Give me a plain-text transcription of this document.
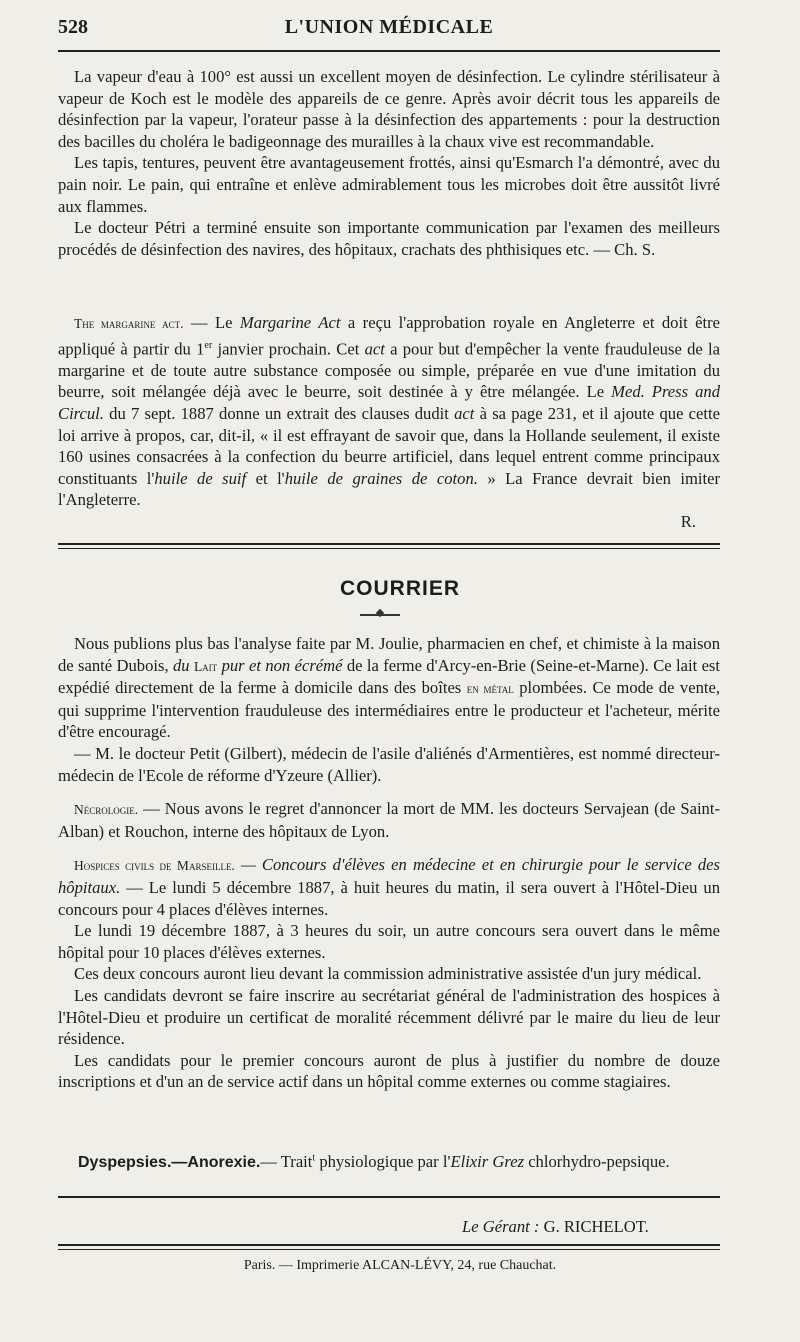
528	L'UNION MÉDICALE

La vapeur d'eau à 100° est aussi un excellent moyen de désinfection. Le cylindre stérilisateur à vapeur de Koch est le modèle des appareils de ce genre. Après avoir décrit tous les appareils de désinfection par la vapeur, l'orateur passe à la désinfection des appartements : pour la destruction des bacilles du choléra le badigeonnage des murailles à la chaux vive est recommandable.

Les tapis, tentures, peuvent être avantageusement frottés, ainsi qu'Esmarch l'a démontré, avec du pain noir. Le pain, qui entraîne et enlève admirablement tous les microbes doit être aussitôt livré aux flammes.

Le docteur Pétri a terminé ensuite son importante communication par l'examen des meilleurs procédés de désinfection des navires, des hôpitaux, crachats des phthisiques etc. — Ch. S.

The margarine act. — Le Margarine Act a reçu l'approbation royale en Angleterre et doit être appliqué à partir du 1er janvier prochain. Cet act a pour but d'empêcher la vente frauduleuse de la margarine et de toute autre substance composée ou simple, préparée en vue d'une imitation du beurre, soit mélangée déjà avec le beurre, soit destinée à y être mélangée. Le Med. Press and Circul. du 7 sept. 1887 donne un extrait des clauses dudit act à sa page 231, et il ajoute que cette loi arrive à propos, car, dit-il, « il est effrayant de savoir que, dans la Hollande seulement, il existe 160 usines consacrées à la confection du beurre artificiel, dans lequel entrent comme principaux constituants l'huile de suif et l'huile de graines de coton. » La France devrait bien imiter l'Angleterre.

R.
COURRIER

Nous publions plus bas l'analyse faite par M. Joulie, pharmacien en chef, et chimiste à la maison de santé Dubois, du Lait pur et non écrémé de la ferme d'Arcy-en-Brie (Seine-et-Marne). Ce lait est expédié directement de la ferme à domicile dans des boîtes en métal plombées. Ce mode de vente, qui supprime l'intervention frauduleuse des intermédiaires entre le producteur et l'acheteur, mérite d'être encouragé.

— M. le docteur Petit (Gilbert), médecin de l'asile d'aliénés d'Armentières, est nommé directeur-médecin de l'Ecole de réforme d'Yzeure (Allier).

Nécrologie. — Nous avons le regret d'annoncer la mort de MM. les docteurs Servajean (de Saint-Alban) et Rouchon, interne des hôpitaux de Lyon.

Hospices civils de Marseille. — Concours d'élèves en médecine et en chirurgie pour le service des hôpitaux. — Le lundi 5 décembre 1887, à huit heures du matin, il sera ouvert à l'Hôtel-Dieu un concours pour 4 places d'élèves internes.

Le lundi 19 décembre 1887, à 3 heures du soir, un autre concours sera ouvert dans le même hôpital pour 10 places d'élèves externes.

Ces deux concours auront lieu devant la commission administrative assistée d'un jury médical.

Les candidats devront se faire inscrire au secrétariat général de l'administration des hospices à l'Hôtel-Dieu et produire un certificat de moralité récemment délivré par le maire du lieu de leur résidence.

Les candidats pour le premier concours auront de plus à justifier du nombre de douze inscriptions et d'un an de service actif dans un hôpital comme externes ou comme stagiaires.

Dyspepsies.—Anorexie.— Trait$^t$ physiologique par l'Elixir Grez chlorhydro-pepsique.
Le Gérant : G. RICHELOT.
Paris. — Imprimerie ALCAN-LÉVY, 24, rue Chauchat.
